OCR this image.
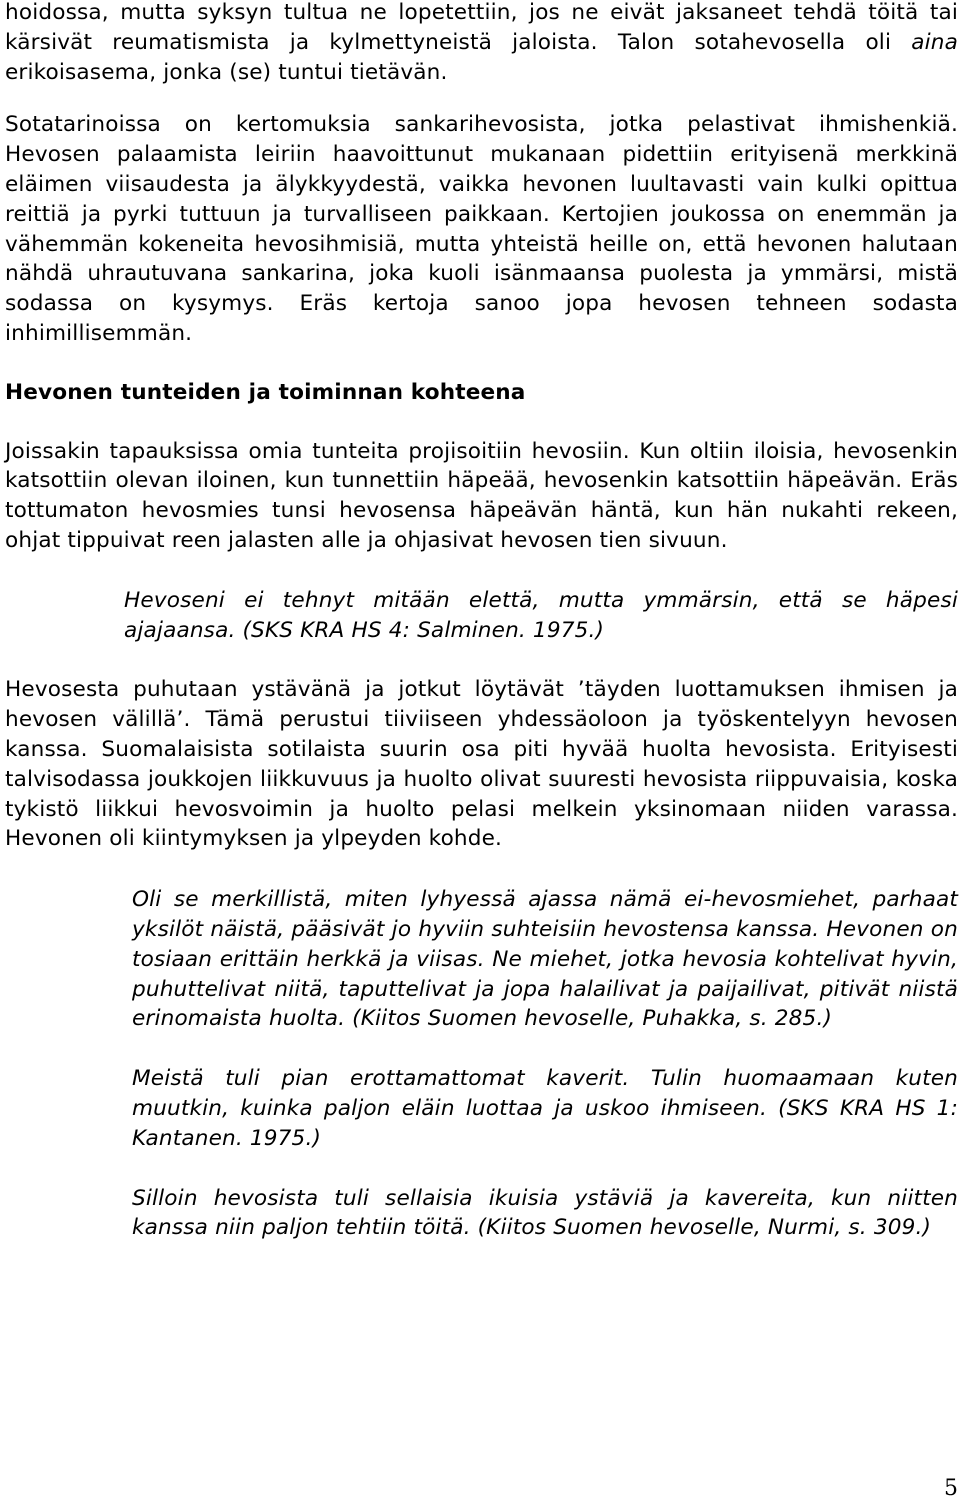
hoidossa, mutta syksyn tultua ne lopetettiin, jos ne eivät jaksaneet tehdä töitä tai kärsivät reumatismista ja kylmettyneistä jaloista. Talon sotahevosella oli aina erikoisasema, jonka (se) tuntui tietävän.

Sotatarinoissa on kertomuksia sankarihevosista, jotka pelastivat ihmishenkiä. Hevosen palaamista leiriin haavoittunut mukanaan pidettiin erityisenä merkkinä eläimen viisaudesta ja älykkyydestä, vaikka hevonen luultavasti vain kulki opittua reittiä ja pyrki tuttuun ja turvalliseen paikkaan. Kertojien joukossa on enemmän ja vähemmän kokeneita hevosihmisiä, mutta yhteistä heille on, että hevonen halutaan nähdä uhrautuvana sankarina, joka kuoli isänmaansa puolesta ja ymmärsi, mistä sodassa on kysymys. Eräs kertoja sanoo jopa hevosen tehneen sodasta inhimillisemmän.

Hevonen tunteiden ja toiminnan kohteena

Joissakin tapauksissa omia tunteita projisoitiin hevosiin. Kun oltiin iloisia, hevosenkin katsottiin olevan iloinen, kun tunnettiin häpeää, hevosenkin katsottiin häpeävän. Eräs tottumaton hevosmies tunsi hevosensa häpeävän häntä, kun hän nukahti rekeen, ohjat tippuivat reen jalasten alle ja ohjasivat hevosen tien sivuun.

Hevoseni ei tehnyt mitään elettä, mutta ymmärsin, että se häpesi ajajaansa. (SKS KRA HS 4: Salminen. 1975.)

Hevosesta puhutaan ystävänä ja jotkut löytävät ’täyden luottamuksen ihmisen ja hevosen välillä’. Tämä perustui tiiviiseen yhdessäoloon ja työskentelyyn hevosen kanssa. Suomalaisista sotilaista suurin osa piti hyvää huolta hevosista. Erityisesti talvisodassa joukkojen liikkuvuus ja huolto olivat suuresti hevosista riippuvaisia, koska tykistö liikkui hevosvoimin ja huolto pelasi melkein yksinomaan niiden varassa. Hevonen oli kiintymyksen ja ylpeyden kohde.

Oli se merkillistä, miten lyhyessä ajassa nämä ei-hevosmiehet, parhaat yksilöt näistä, pääsivät jo hyviin suhteisiin hevostensa kanssa. Hevonen on tosiaan erittäin herkkä ja viisas. Ne miehet, jotka hevosia kohtelivat hyvin, puhuttelivat niitä, taputtelivat ja jopa halailivat ja paijailivat, pitivät niistä erinomaista huolta. (Kiitos Suomen hevoselle, Puhakka, s. 285.)

Meistä tuli pian erottamattomat kaverit. Tulin huomaamaan kuten muutkin, kuinka paljon eläin luottaa ja uskoo ihmiseen. (SKS KRA HS 1: Kantanen. 1975.)

Silloin hevosista tuli sellaisia ikuisia ystäviä ja kavereita, kun niitten kanssa niin paljon tehtiin töitä. (Kiitos Suomen hevoselle, Nurmi, s. 309.)

5
